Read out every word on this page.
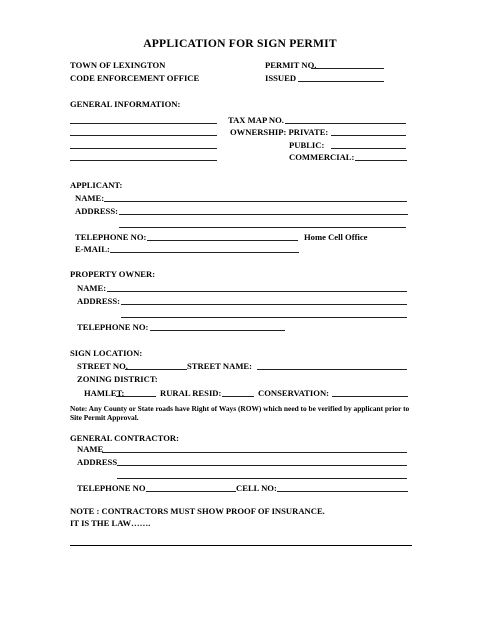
APPLICATION FOR SIGN PERMIT
TOWN OF LEXINGTON
CODE ENFORCEMENT OFFICE
PERMIT NO.
ISSUED
GENERAL INFORMATION:
TAX MAP NO.
OWNERSHIP: PRIVATE:
PUBLIC:
COMMERCIAL:
APPLICANT:
NAME:
ADDRESS:
TELEPHONE NO:	Home Cell Office
E-MAIL:
PROPERTY OWNER:
NAME:
ADDRESS:
TELEPHONE NO:
SIGN LOCATION:
STREET NO.	STREET NAME:
ZONING DISTRICT:
HAMLET:	RURAL RESID:	CONSERVATION:
Note: Any County or State roads have Right of Ways (ROW) which need to be verified by applicant prior to Site Permit Approval.
GENERAL CONTRACTOR:
NAME
ADDRESS
TELEPHONE NO	CELL NO:
NOTE : CONTRACTORS MUST SHOW PROOF OF INSURANCE.
IT IS THE LAW…….
